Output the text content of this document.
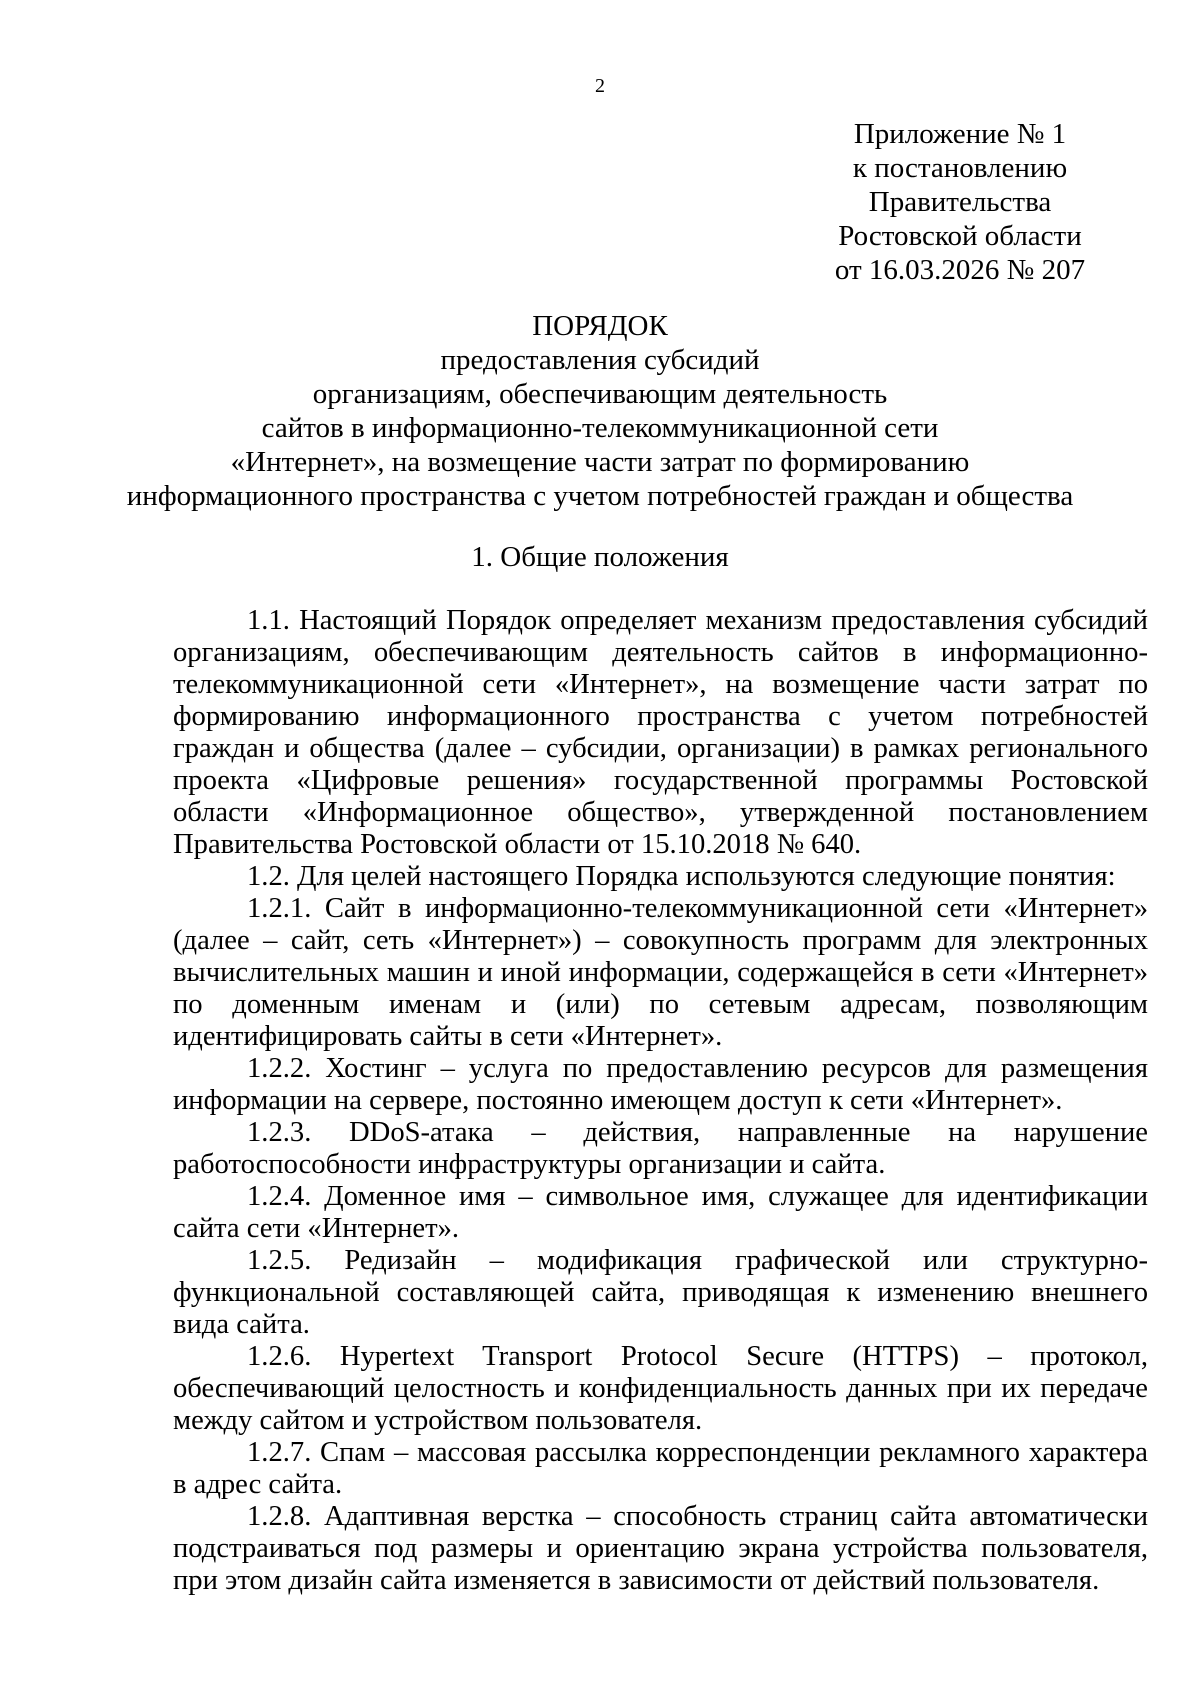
2
Приложение № 1
к постановлению
Правительства
Ростовской области
от 16.03.2026 № 207
ПОРЯДОК
предоставления субсидий
организациям, обеспечивающим деятельность
сайтов в информационно-телекоммуникационной сети
«Интернет», на возмещение части затрат по формированию
информационного пространства с учетом потребностей граждан и общества
1. Общие положения

1.1. Настоящий Порядок определяет механизм предоставления субсидий организациям, обеспечивающим деятельность сайтов в информационно-телекоммуникационной сети «Интернет», на возмещение части затрат по формированию информационного пространства с учетом потребностей граждан и общества (далее – субсидии, организации) в рамках регионального проекта «Цифровые решения» государственной программы Ростовской области «Информационное общество», утвержденной постановлением Правительства Ростовской области от 15.10.2018 № 640.

1.2. Для целей настоящего Порядка используются следующие понятия:

1.2.1. Сайт в информационно-телекоммуникационной сети «Интернет» (далее – сайт, сеть «Интернет») – совокупность программ для электронных вычислительных машин и иной информации, содержащейся в сети «Интернет» по доменным именам и (или) по сетевым адресам, позволяющим идентифицировать сайты в сети «Интернет».

1.2.2. Хостинг – услуга по предоставлению ресурсов для размещения информации на сервере, постоянно имеющем доступ к сети «Интернет».

1.2.3. DDoS-атака – действия, направленные на нарушение работоспособности инфраструктуры организации и сайта.

1.2.4. Доменное имя – символьное имя, служащее для идентификации сайта сети «Интернет».

1.2.5. Редизайн – модификация графической или структурно-функциональной составляющей сайта, приводящая к изменению внешнего вида сайта.

1.2.6. Hypertext Transport Protocol Secure (HTTPS) – протокол, обеспечивающий целостность и конфиденциальность данных при их передаче между сайтом и устройством пользователя.

1.2.7. Спам – массовая рассылка корреспонденции рекламного характера в адрес сайта.

1.2.8. Адаптивная верстка – способность страниц сайта автоматически подстраиваться под размеры и ориентацию экрана устройства пользователя, при этом дизайн сайта изменяется в зависимости от действий пользователя.
